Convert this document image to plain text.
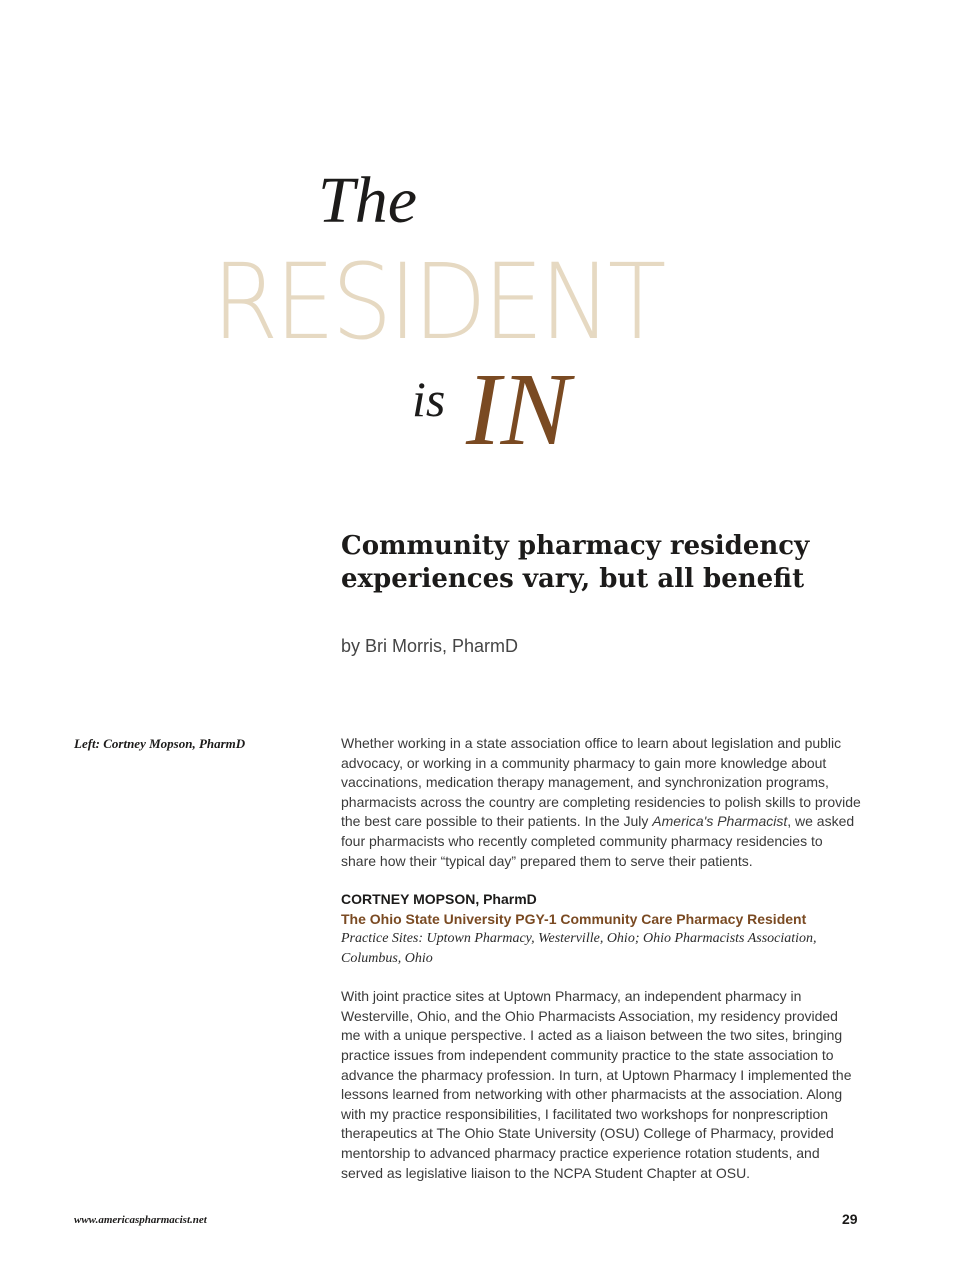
The
RESIDENT
is IN
Community pharmacy residency
experiences vary, but all benefit
by Bri Morris, PharmD
Left: Cortney Mopson, PharmD	Whether working in a state association office to learn about legislation and public advocacy, or working in a community pharmacy to gain more knowledge about vaccinations, medication therapy management, and synchronization programs, pharmacists across the country are completing residencies to polish skills to provide the best care possible to their patients. In the July America's Pharmacist, we asked four pharmacists who recently completed community pharmacy residencies to share how their “typical day” prepared them to serve their patients.

CORTNEY MOPSON, PharmD

The Ohio State University PGY-1 Community Care Pharmacy Resident

Practice Sites: Uptown Pharmacy, Westerville, Ohio; Ohio Pharmacists Association, Columbus, Ohio

With joint practice sites at Uptown Pharmacy, an independent pharmacy in Westerville, Ohio, and the Ohio Pharmacists Association, my residency provided me with a unique perspective. I acted as a liaison between the two sites, bringing practice issues from independent community practice to the state association to advance the pharmacy profession. In turn, at Uptown Pharmacy I implemented the lessons learned from networking with other pharmacists at the association. Along with my practice responsibilities, I facilitated two workshops for nonprescription therapeutics at The Ohio State University (OSU) College of Pharmacy, provided mentorship to advanced pharmacy practice experience rotation students, and served as legislative liaison to the NCPA Student Chapter at OSU.

www.americaspharmacist.net	29
